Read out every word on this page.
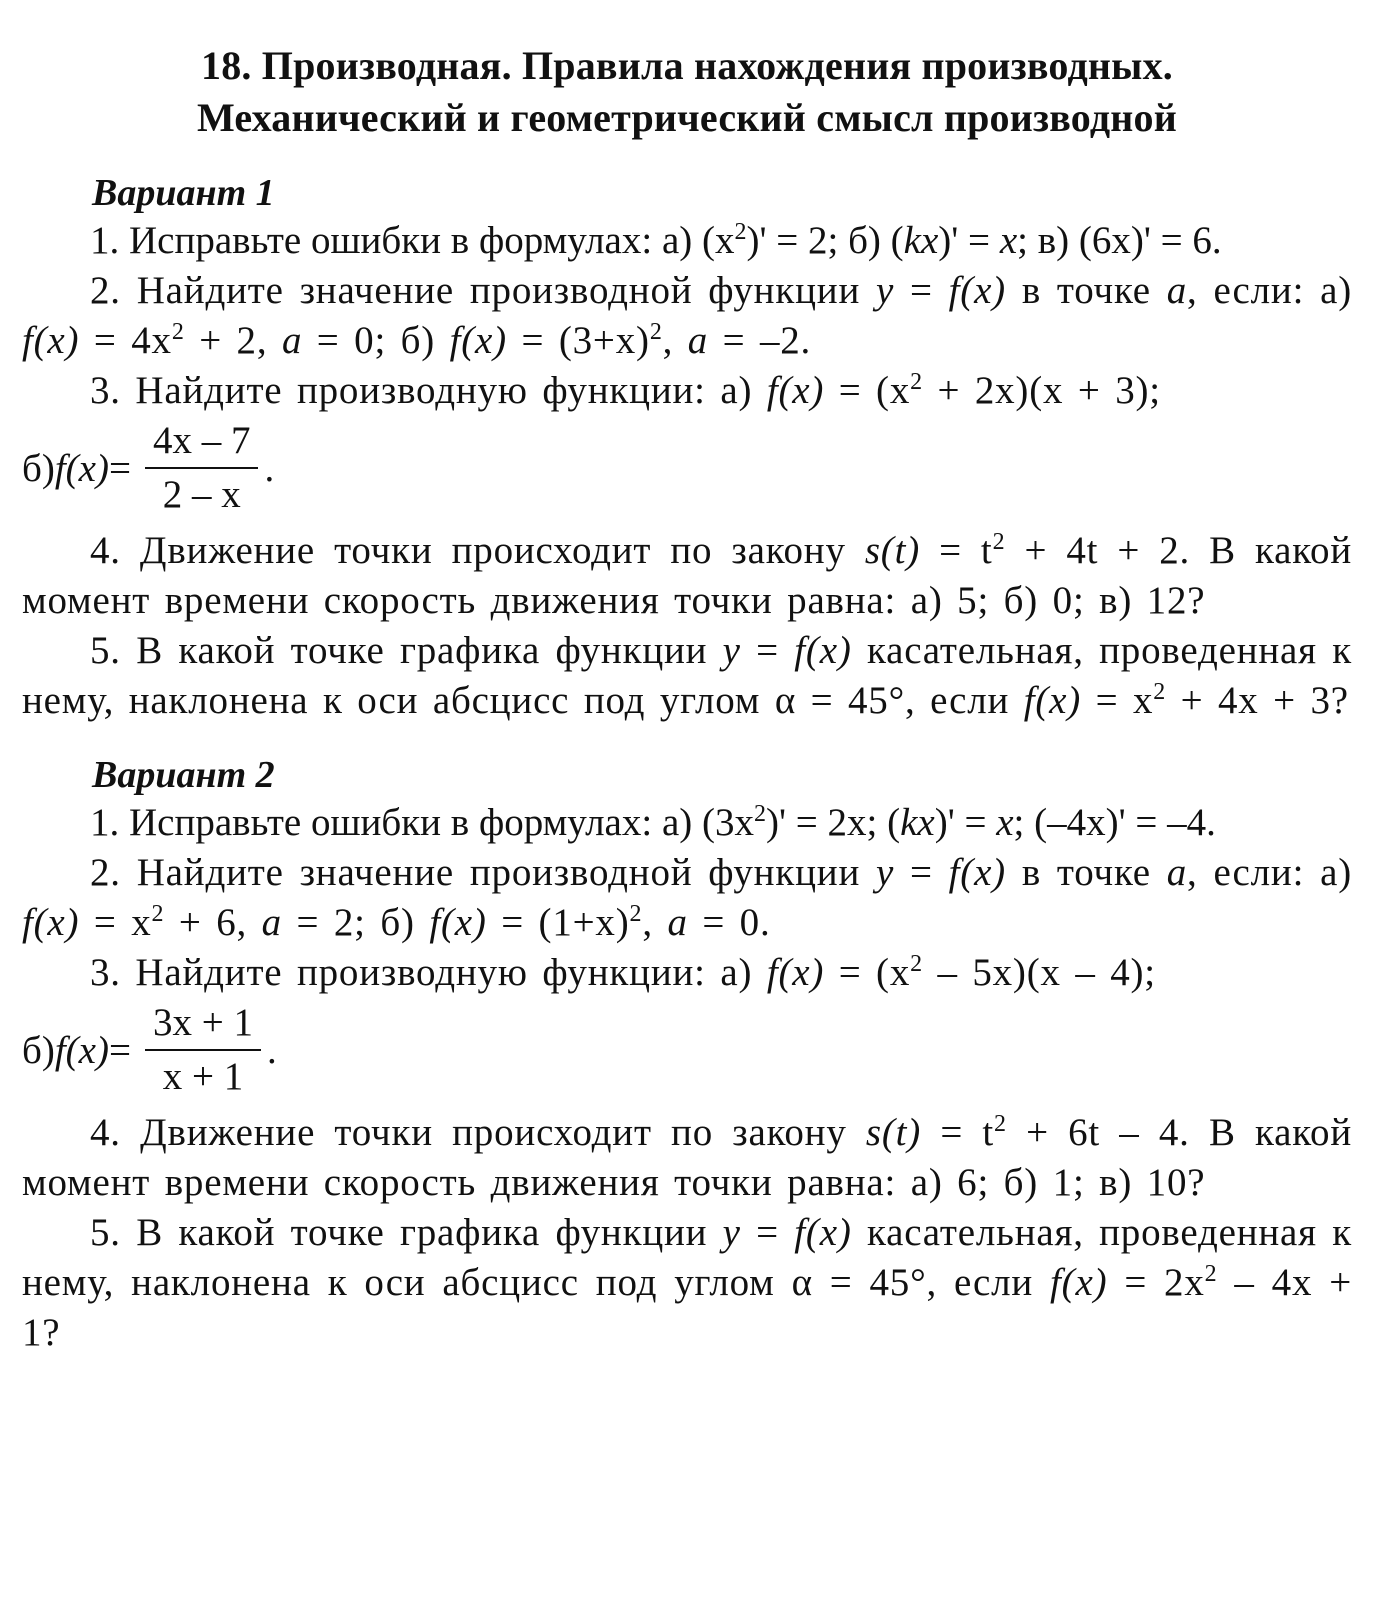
18. Производная. Правила нахождения производных.
Механический и геометрический смысл производной
Вариант 1

1. Исправьте ошибки в формулах: а) $(x^2)' = 2$; б) (kx)' = x; в) (6x)' = 6.

2. Найдите значение производной функции y = f(x) в точке a, если: а) $f(x) = 4x^2 + 2$, a = 0; б) $f(x) = (3+x)^2$, a = –2.

3. Найдите производную функции: а) $f(x) = (x^2 + 2x)(x + 3)$;

б) $f(x) = \frac{4x - 7}{2 - x}$ .

4. Движение точки происходит по закону $s(t) = t^2 + 4t + 2$. В какой момент времени скорость движения точки равна: а) 5; б) 0; в) 12?

5. В какой точке графика функции y = f(x) касательная, проведенная к нему, наклонена к оси абсцисс под углом α = 45°, если $f(x) = x^2 + 4x + 3$?

Вариант 2

1. Исправьте ошибки в формулах: а) $(3x^2)' = 2x$; (kx)' = x; (–4x)' = –4.

2. Найдите значение производной функции y = f(x) в точке a, если: а) $f(x) = x^2 + 6$, a = 2; б) $f(x) = (1+x)^2$, a = 0.

3. Найдите производную функции: а) $f(x) = (x^2 - 5x)(x - 4)$;

б) $f(x) = \frac{3x + 1}{x + 1}$ .

4. Движение точки происходит по закону $s(t) = t^2 + 6t - 4$. В какой момент времени скорость движения точки равна: а) 6; б) 1; в) 10?

5. В какой точке графика функции y = f(x) касательная, проведенная к нему, наклонена к оси абсцисс под углом α = 45°, если $f(x) = 2x^2 - 4x + 1$?
